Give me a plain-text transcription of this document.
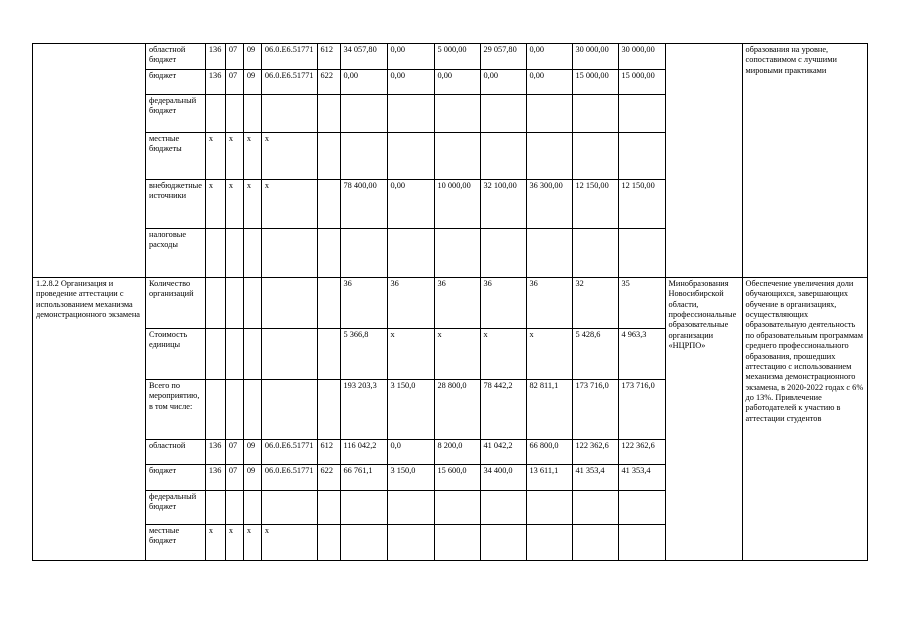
	областной бюджет	136	07	09	06.0.Е6.51771	612	34 057,80	0,00	5 000,00	29 057,80	0,00	30 000,00	30 000,00		образования на уровне, сопоставимом с лучшими мировыми практиками
	бюджет	136	07	09	06.0.Е6.51771	622	0,00	0,00	0,00	0,00	0,00	15 000,00	15 000,00		
	федеральный бюджет														
	местные бюджеты	x	x	x	x										
	внебюджетные источники	x	x	x	x		78 400,00	0,00	10 000,00	32 100,00	36 300,00	12 150,00	12 150,00		
	налоговые расходы														
1.2.8.2 Организация и проведение аттестации с использованием механизма демонстрационного экзамена	Количество организаций						36	36	36	36	36	32	35	Минобразования Новосибирской области, профессиональные образовательные организации «НЦРПО»	Обеспечение увеличения доли обучающихся, завершающих обучение в организациях, осуществляющих образовательную деятельность по образовательным программам среднего профессионального образования, прошедших аттестацию с использованием механизма демонстрационного экзамена, в 2020-2022 годах с 6% до 13%. Привлечение работодателей к участию в аттестации студентов
	Стоимость единицы						5 366,8	x	x	x	x	5 428,6	4 963,3		
	Всего по мероприятию, в том числе:						193 203,3	3 150,0	28 800,0	78 442,2	82 811,1	173 716,0	173 716,0		
	областной	136	07	09	06.0.Е6.51771	612	116 042,2	0,0	8 200,0	41 042,2	66 800,0	122 362,6	122 362,6		
	бюджет	136	07	09	06.0.Е6.51771	622	66 761,1	3 150,0	15 600,0	34 400,0	13 611,1	41 353,4	41 353,4		
	федеральный бюджет														
	местные бюджет	x	x	x	x										
